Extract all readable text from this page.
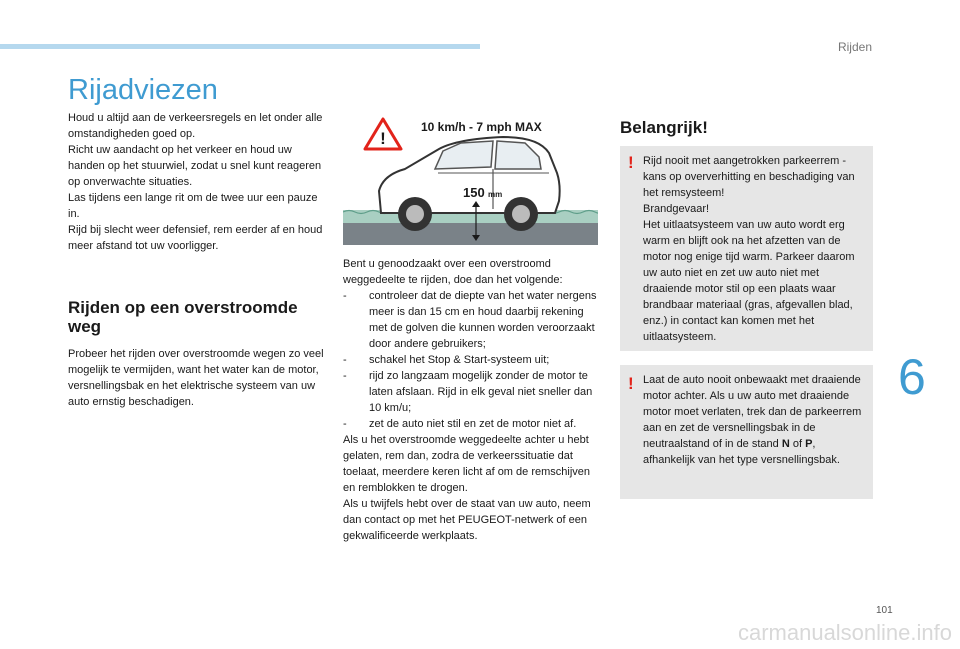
Rijden
Rijadviezen

Houd u altijd aan de verkeersregels en let onder alle omstandigheden goed op.

Richt uw aandacht op het verkeer en houd uw handen op het stuurwiel, zodat u snel kunt reageren op onverwachte situaties.

Las tijdens een lange rit om de twee uur een pauze in.

Rijd bij slecht weer defensief, rem eerder af en houd meer afstand tot uw voorligger.

Rijden op een overstroomde weg
Probeer het rijden over overstroomde wegen zo veel mogelijk te vermijden, want het water kan de motor, versnellingsbak en het elektrische systeem van uw auto ernstig beschadigen.
!
10 km/h - 7 mph MAX
150 mm

Bent u genoodzaakt over een overstroomd weggedeelte te rijden, doe dan het volgende:

- controleer dat de diepte van het water nergens meer is dan 15 cm en houd daarbij rekening met de golven die kunnen worden veroorzaakt door andere gebruikers;

- schakel het Stop & Start-systeem uit;

- rijd zo langzaam mogelijk zonder de motor te laten afslaan. Rijd in elk geval niet sneller dan 10 km/u;

- zet de auto niet stil en zet de motor niet af.

Als u het overstroomde weggedeelte achter u hebt gelaten, rem dan, zodra de verkeerssituatie dat toelaat, meerdere keren licht af om de remschijven en remblokken te drogen.

Als u twijfels hebt over de staat van uw auto, neem dan contact op met het PEUGEOT-netwerk of een gekwalificeerde werkplaats.

Belangrijk!
! Rijd nooit met aangetrokken parkeerrem - kans op oververhitting en beschadiging van het remsysteem!

Brandgevaar!

Het uitlaatsysteem van uw auto wordt erg warm en blijft ook na het afzetten van de motor nog enige tijd warm. Parkeer daarom uw auto niet en zet uw auto niet met draaiende motor stil op een plaats waar brandbaar materiaal (gras, afgevallen blad, enz.) in contact kan komen met het uitlaatsysteem.

! Laat de auto nooit onbewaakt met draaiende motor achter. Als u uw auto met draaiende motor moet verlaten, trek dan de parkeerrem aan en zet de versnellingsbak in de neutraalstand of in de stand N of P, afhankelijk van het type versnellingsbak.

6
101
carmanualsonline.info
